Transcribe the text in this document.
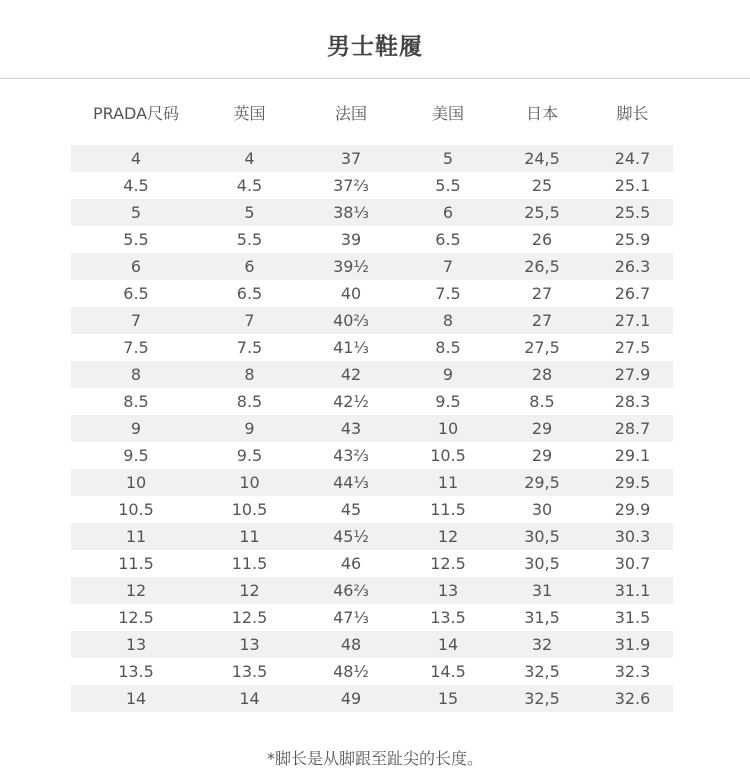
男士鞋履
PRADA尺码	英国	法国	美国	日本	脚长
4	4	37	5	24,5	24.7
4.5	4.5	37⅔	5.5	25	25.1
5	5	38⅓	6	25,5	25.5
5.5	5.5	39	6.5	26	25.9
6	6	39½	7	26,5	26.3
6.5	6.5	40	7.5	27	26.7
7	7	40⅔	8	27	27.1
7.5	7.5	41⅓	8.5	27,5	27.5
8	8	42	9	28	27.9
8.5	8.5	42½	9.5	8.5	28.3
9	9	43	10	29	28.7
9.5	9.5	43⅔	10.5	29	29.1
10	10	44⅓	11	29,5	29.5
10.5	10.5	45	11.5	30	29.9
11	11	45½	12	30,5	30.3
11.5	11.5	46	12.5	30,5	30.7
12	12	46⅔	13	31	31.1
12.5	12.5	47⅓	13.5	31,5	31.5
13	13	48	14	32	31.9
13.5	13.5	48½	14.5	32,5	32.3
14	14	49	15	32,5	32.6
*脚长是从脚跟至趾尖的长度。
